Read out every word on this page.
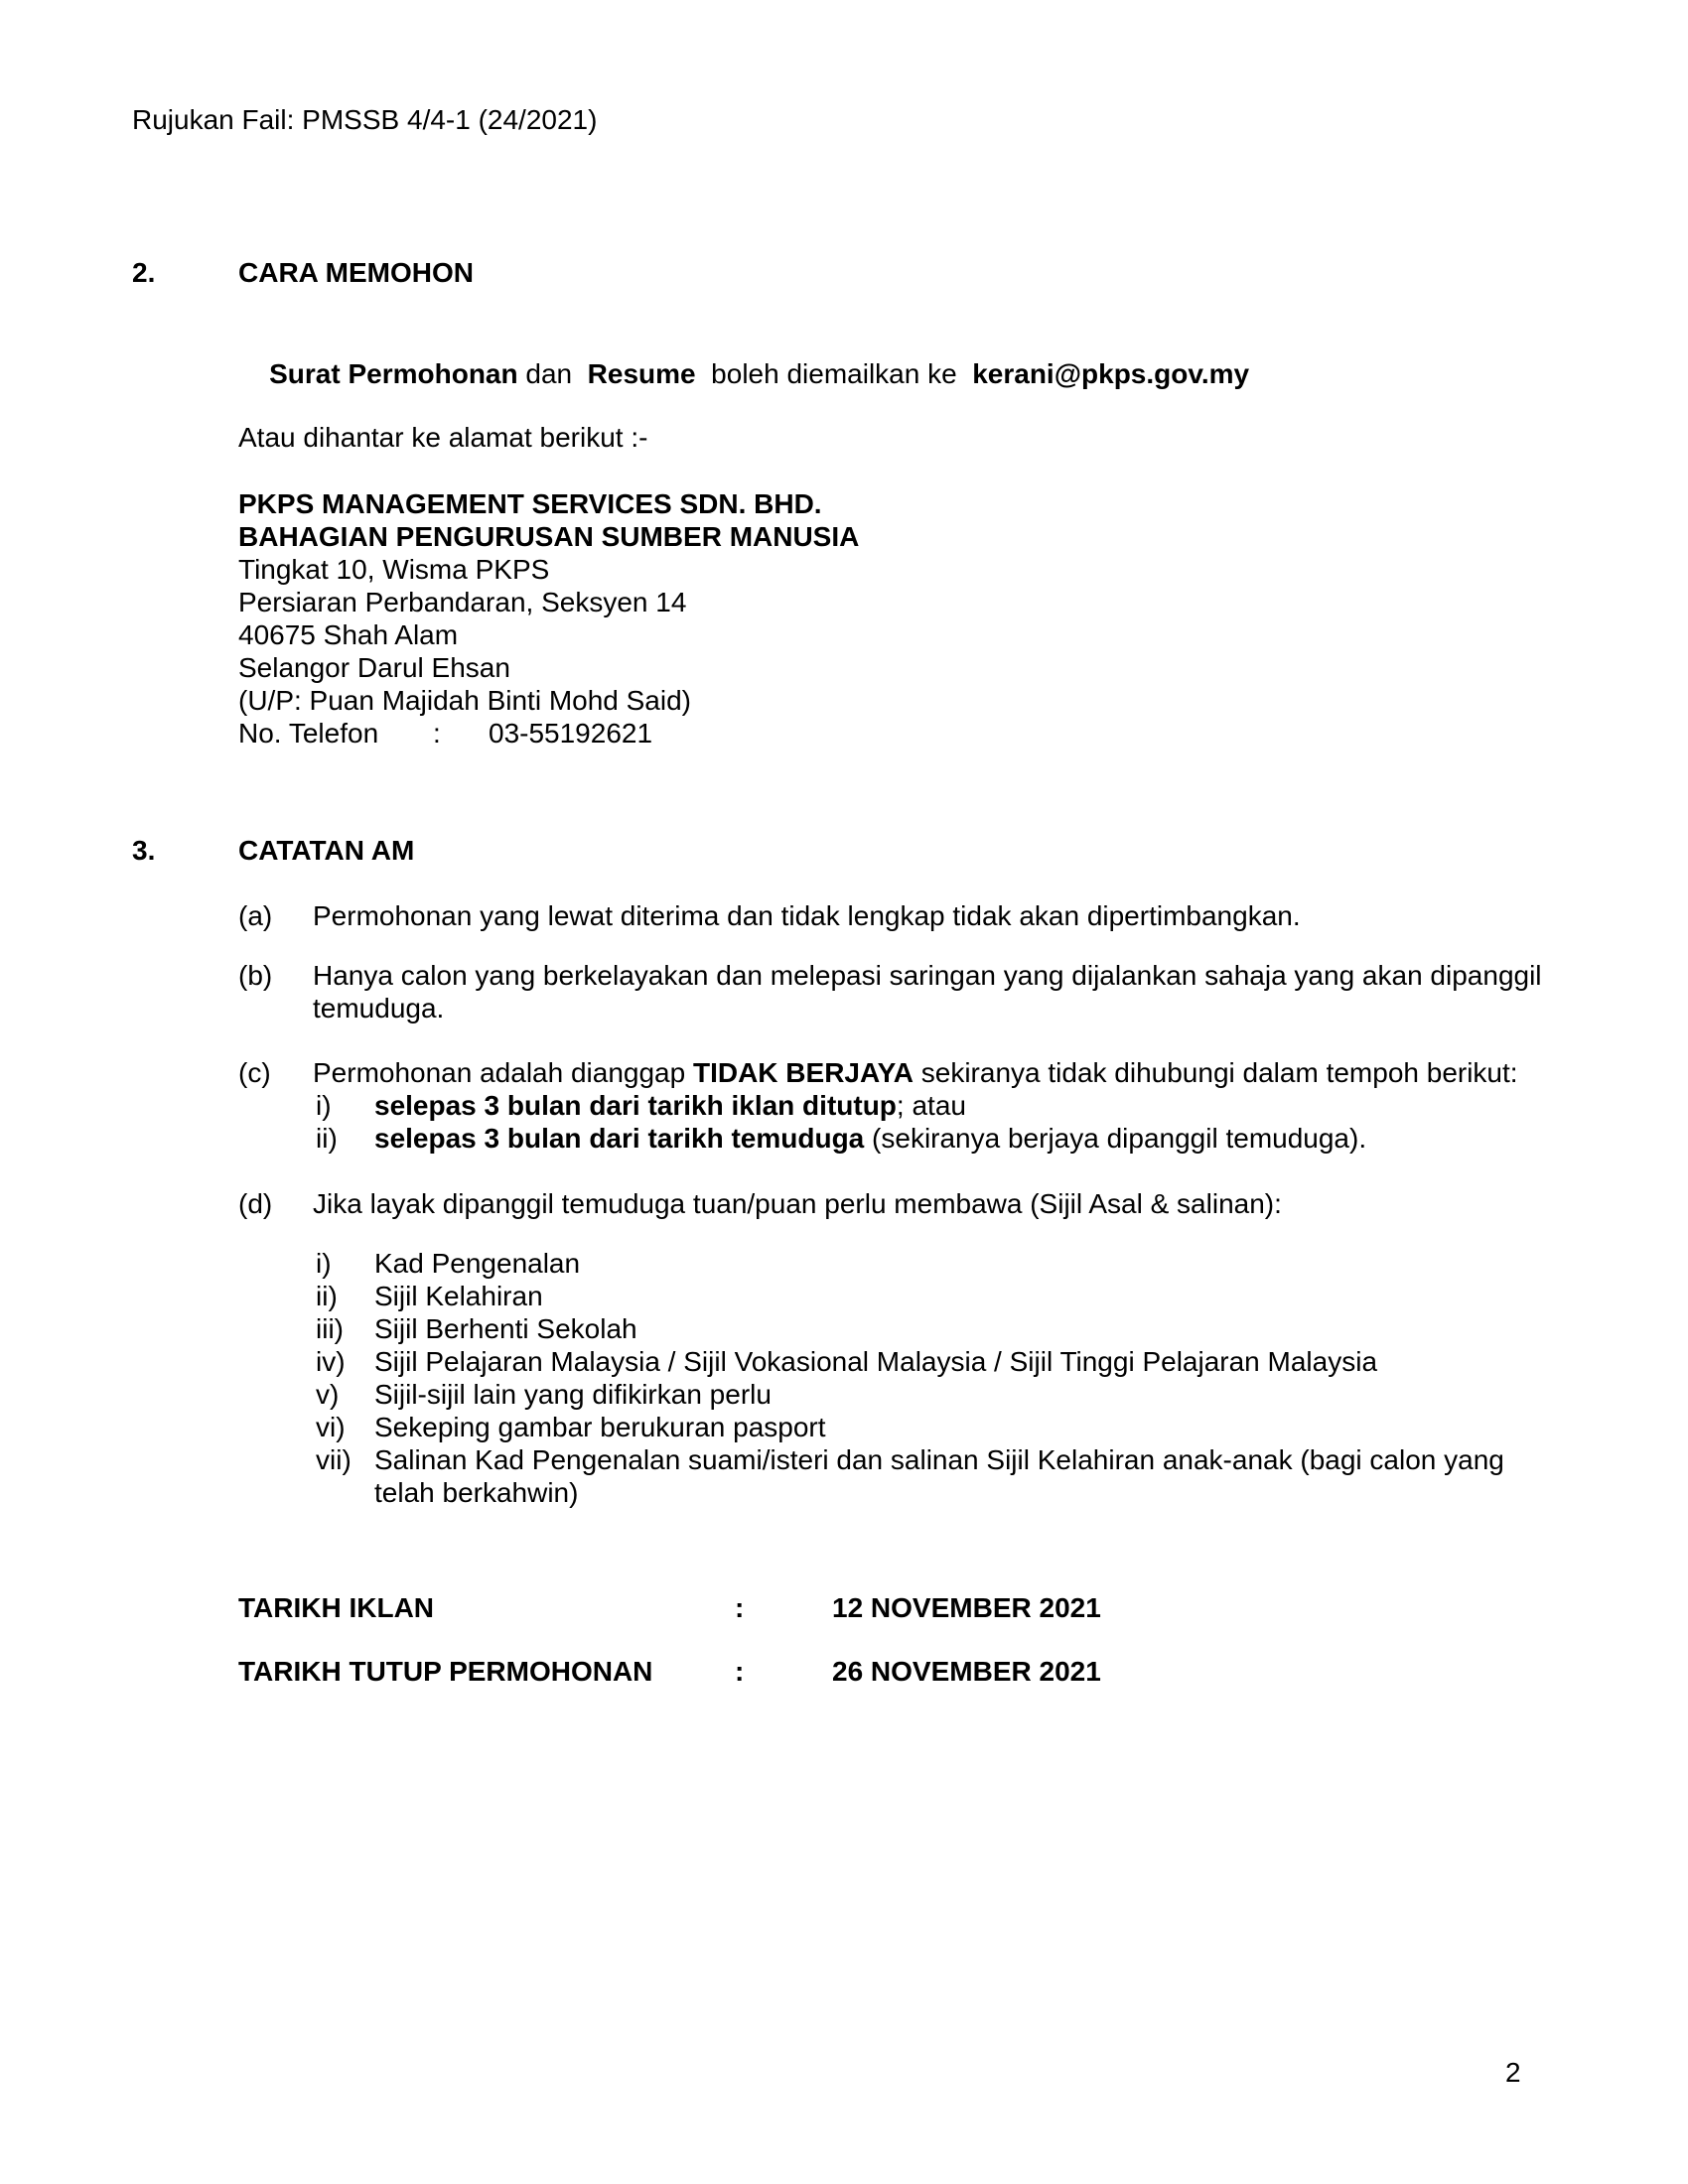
Rujukan Fail: PMSSB 4/4-1 (24/2021)
2.	CARA MEMOHON

Surat Permohonan dan  Resume  boleh diemailkan ke  kerani@pkps.gov.my

Atau dihantar ke alamat berikut :-
PKPS MANAGEMENT SERVICES SDN. BHD.
BAHAGIAN PENGURUSAN SUMBER MANUSIA
Tingkat 10, Wisma PKPS
Persiaran Perbandaran, Seksyen 14
40675 Shah Alam
Selangor Darul Ehsan
(U/P: Puan Majidah Binti Mohd Said)
No. Telefon	:	03-55192621
3.	CATATAN AM
(a)	Permohonan yang lewat diterima dan tidak lengkap tidak akan dipertimbangkan.
(b)	Hanya calon yang berkelayakan dan melepasi saringan yang dijalankan sahaja yang akan dipanggil temuduga.
(c)	Permohonan adalah dianggap TIDAK BERJAYA sekiranya tidak dihubungi dalam tempoh berikut:
i)	selepas 3 bulan dari tarikh iklan ditutup; atau
ii)	selepas 3 bulan dari tarikh temuduga (sekiranya berjaya dipanggil temuduga).
(d)	Jika layak dipanggil temuduga tuan/puan perlu membawa (Sijil Asal & salinan):
i)	Kad Pengenalan
ii)	Sijil Kelahiran
iii)	Sijil Berhenti Sekolah
iv)	Sijil Pelajaran Malaysia / Sijil Vokasional Malaysia / Sijil Tinggi Pelajaran Malaysia
v)	Sijil-sijil lain yang difikirkan perlu
vi)	Sekeping gambar berukuran pasport
vii) Salinan Kad Pengenalan suami/isteri dan salinan Sijil Kelahiran anak-anak (bagi calon yang telah berkahwin)
TARIKH IKLAN	:	12 NOVEMBER 2021
TARIKH TUTUP PERMOHONAN	:	26 NOVEMBER 2021
2
